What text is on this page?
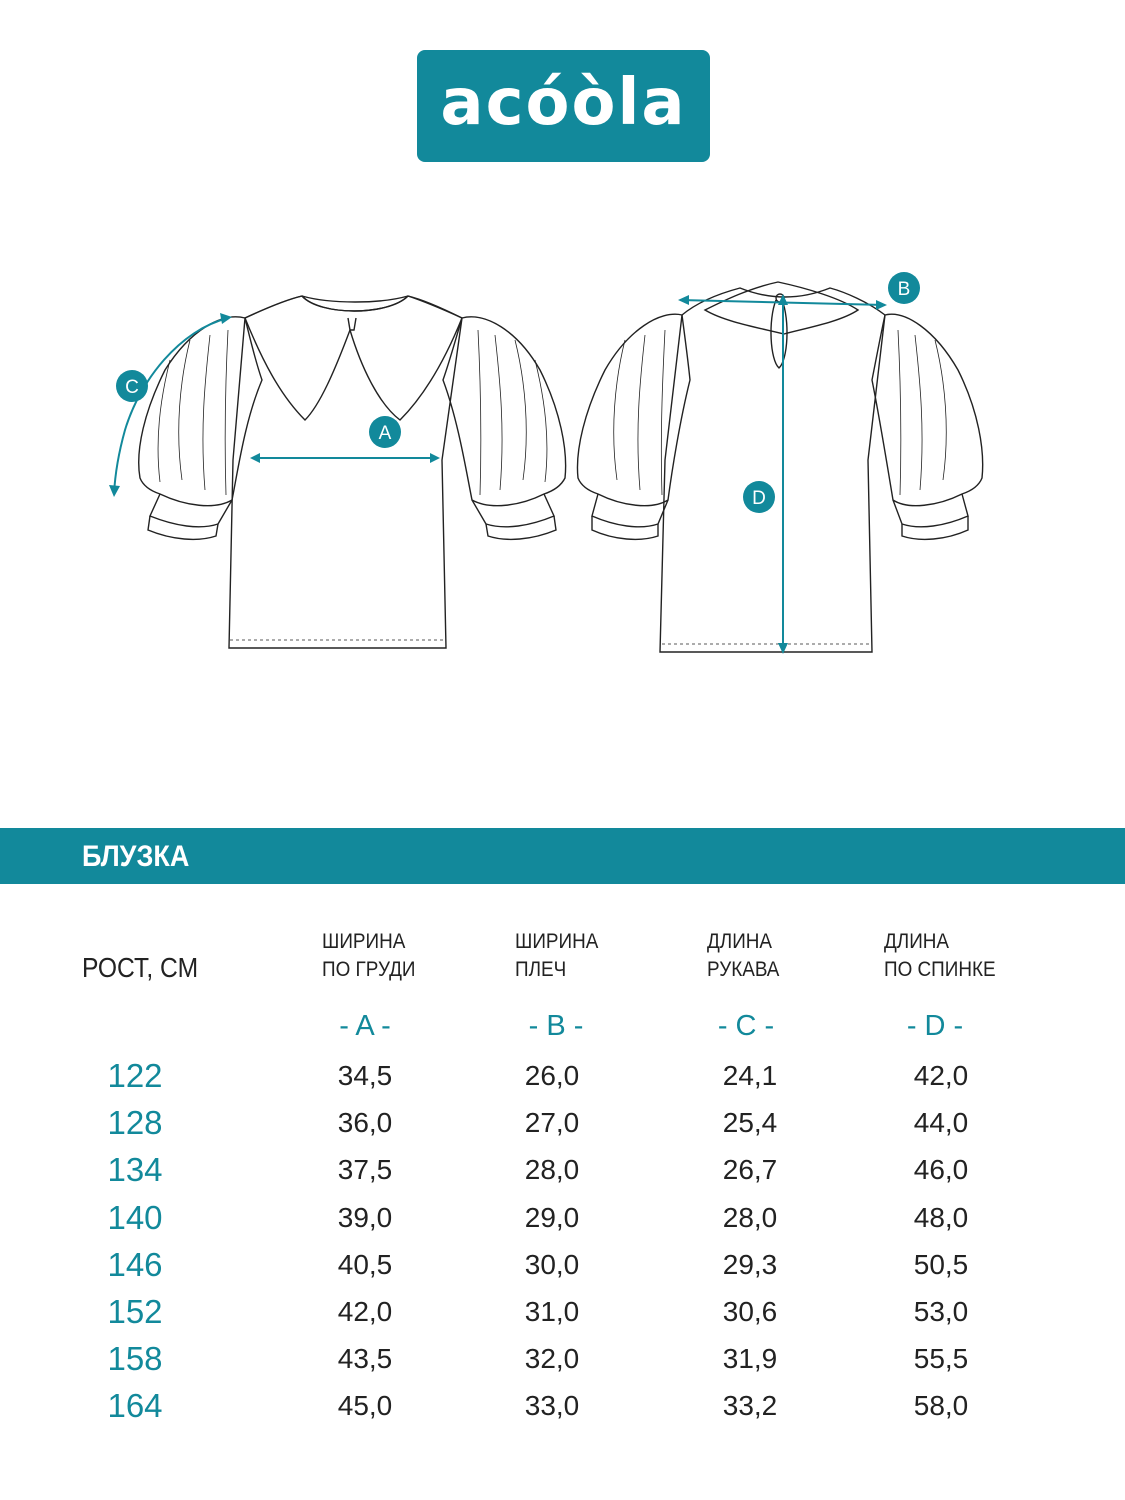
acóòla
A
B
C
D
БЛУЗКА
РОСТ, СМ
ШИРИНА
ПО ГРУДИ
ШИРИНА
ПЛЕЧ
ДЛИНА
РУКАВА
ДЛИНА
ПО СПИНКЕ
- A -	- B -	- C -	- D -
122	34,5	26,0	24,1	42,0
128	36,0	27,0	25,4	44,0
134	37,5	28,0	26,7	46,0
140	39,0	29,0	28,0	48,0
146	40,5	30,0	29,3	50,5
152	42,0	31,0	30,6	53,0
158	43,5	32,0	31,9	55,5
164	45,0	33,0	33,2	58,0
